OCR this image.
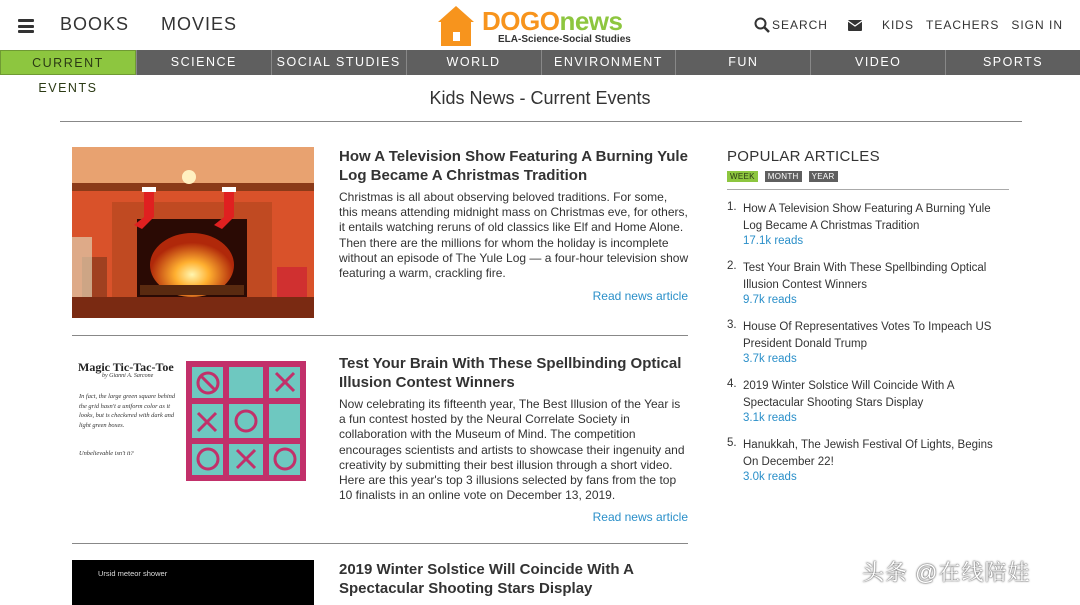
BOOKS MOVIES	DOGOnews
ELA-Science-Social Studies
SEARCH	KIDS TEACHERS SIGN IN
CURRENT EVENTS
SCIENCE	SOCIAL STUDIES	WORLD	ENVIRONMENT	FUN	VIDEO	SPORTS
Kids News - Current Events
How A Television Show Featuring A Burning Yule Log Became A Christmas Tradition

Christmas is all about observing beloved traditions. For some, this means attending midnight mass on Christmas eve, for others, it entails watching reruns of old classics like Elf and Home Alone. Then there are the millions for whom the holiday is incomplete without an episode of The Yule Log — a four-hour television show featuring a warm, crackling fire.

Read news article
Magic Tic-Tac-Toe
by Gianni A. Sarcone
In fact, the large green square behind the grid hasn't a uniform color as it looks, but is checkered with dark and light green boxes.
Unbelievable isn't it?
Test Your Brain With These Spellbinding Optical Illusion Contest Winners

Now celebrating its fifteenth year, The Best Illusion of the Year is a fun contest hosted by the Neural Correlate Society in collaboration with the Museum of Mind. The competition encourages scientists and artists to showcase their ingenuity and creativity by submitting their best illusion through a short video. Here are this year's top 3 illusions selected by fans from the top 10 finalists in an online vote on December 13, 2019.

Read news article
Ursid meteor shower	2019 Winter Solstice Will Coincide With A Spectacular Shooting Stars Display
POPULAR ARTICLES
WEEK	MONTH	YEAR
1. How A Television Show Featuring A Burning Yule Log Became A Christmas Tradition
17.1k reads
2. Test Your Brain With These Spellbinding Optical Illusion Contest Winners
9.7k reads
3. House Of Representatives Votes To Impeach US President Donald Trump
3.7k reads
4. 2019 Winter Solstice Will Coincide With A Spectacular Shooting Stars Display
3.1k reads
5. Hanukkah, The Jewish Festival Of Lights, Begins On December 22!
3.0k reads
头条 @在线陪娃
